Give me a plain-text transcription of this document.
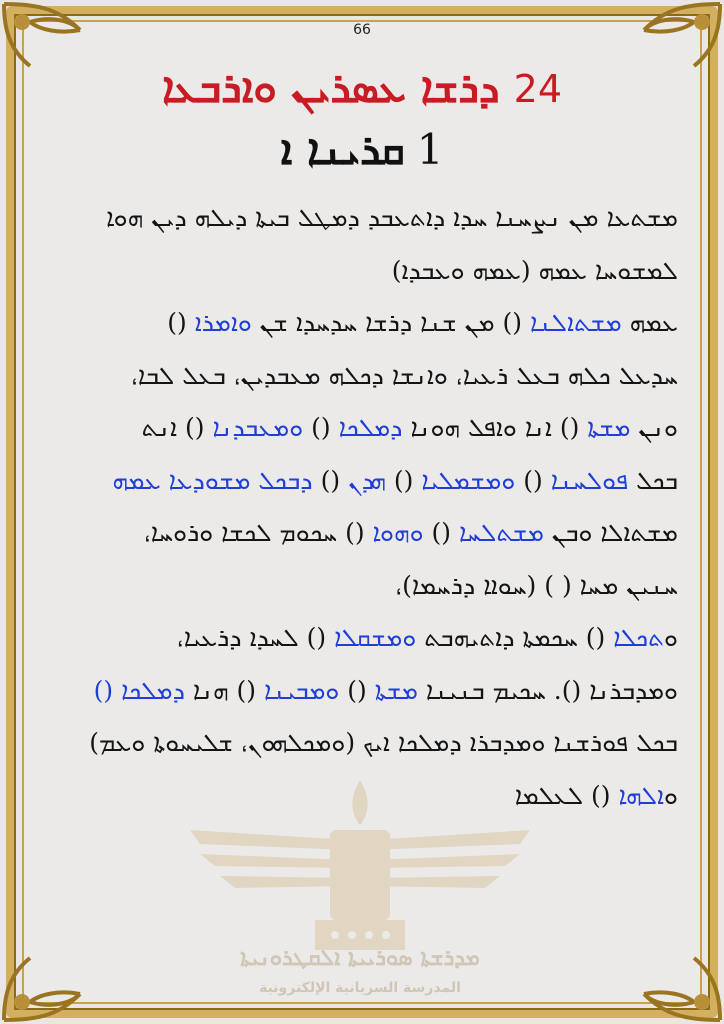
66
24ܕܪܫܐ ܥܣܪܝܢ ܘܐܪܒܥܐ
1ܩܪܝܢܐ ܐ
ܡܕܪܫܬܐ ܣܘܪܝܝܬܐ ܐܠܩܛܪܘܢܝܬܐ
المدرسة السريانية الإلكترونية
ܡܫܬܥܐ ܡܢ ܢܨܚܢܐ ܚܕܐ ܕܐܬܥܒܕ ܕܡܛܠ ܒܝܬܐ ܕܝܠܗ ܕܝܢ ܗܘܐ
ܠܡܫܘܚܐ ܥܡܗ (ܥܡܗ ܘܥܒܕܐ)
ܥܡܗ ܡܫܬܐܠܢܐ () ܡܢ ܫܢܐ ܕܪܫܐ ܚܕܚܕܐ ܫܢ ܘܐܡܪܐ ()
ܚܕܥܠ ܟܠܗ ܒܥܠ ܪܥܝܐ، ܘܐܢܫܐ ܕܟܠܗ ܡܥܒܕܝܢ، ܒܥܠ ܠܒܐ،
ܘܢܢ ܡܫܬܐ () ܐܢܐ ܘܐܦܠ ܗܘܢܐ ܕܡܠܟܐ () ܘܡܥܒܕܢܐ () ܐܢܬ
ܒܟܠ ܦܘܠܚܢܐ () ܘܡܫܡܠܝܐ () ܗܕܢ () ܕܒܟܠ ܡܫܘܕܥܐ ܥܡܗ
ܡܫܬܐܠܐ ܘܒܢ ܡܫܬܠܚܐ () ܘܗܘܐ () ܚܟܘܡ ܠܟܫܐ ܘܪܘܚܐ،
ܚܢܝܢ ܡܚܐ ( ) (ܚܘܐܐ ܕܪܚܡܐ)،
ܘܬܟܠܐ () ܚܟܡܬܐ ܕܐܬܝܗܒܬ ܘܡܫܩܠܐ () ܠܚܕܐ ܕܪܥܝܐ،
ܘܡܕܒܪܢܐ (). ܚܟܝܡ ܒܢܝܢܐ ܡܫܬܐ () ܘܡܒܝܢܐ () ܗܢܐ ܕܡܠܟܐ ()
ܒܟܠ ܦܘܪܫܢܐ ܘܡܕܒܪܐ ܕܡܠܟܐ ܐܝܟ (ܘܡܟܠܗܘܢ، ܫܠܝܚܘܬܐ ܘܥܡ)
ܘܐܠܗܐ () ܠܥܠܡܐ
